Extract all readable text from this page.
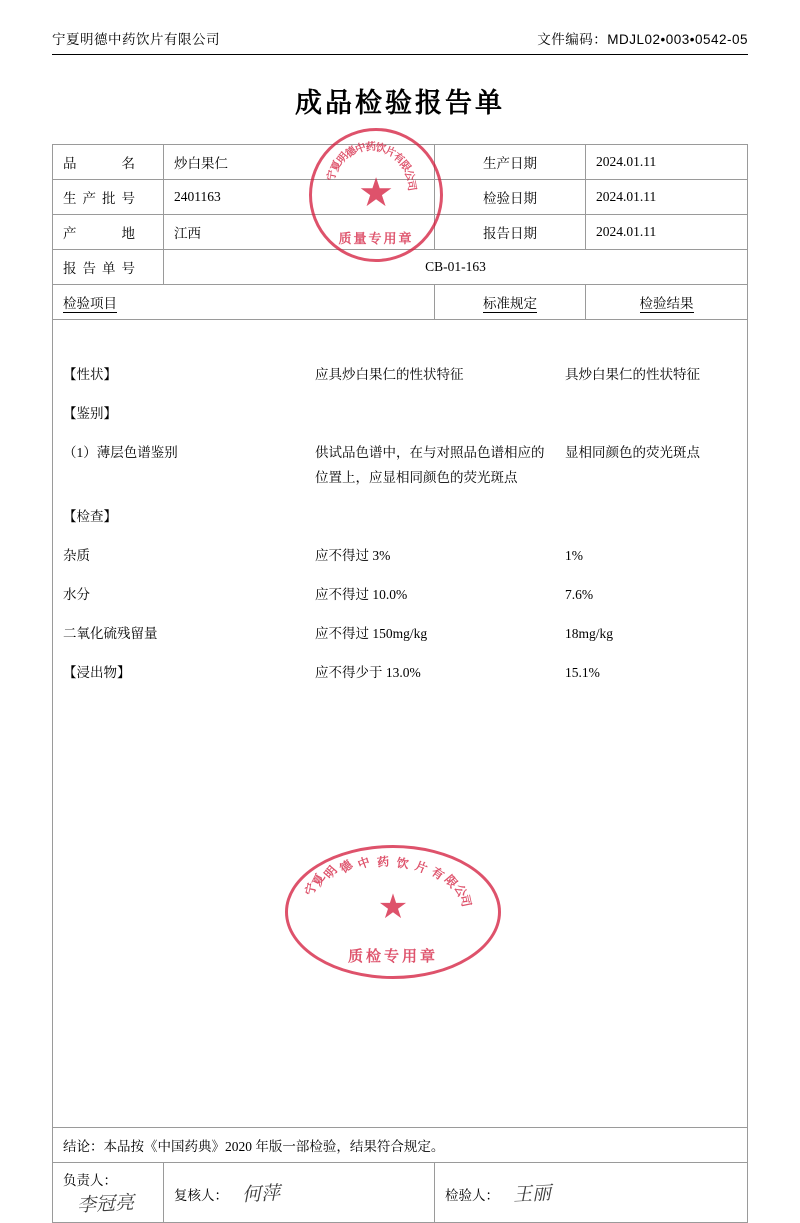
宁夏明德中药饮片有限公司	文件编码：MDJL02•003•0542-05
成品检验报告单
品　　名	炒白果仁	生产日期	2024.01.11
生产批号	2401163	检验日期	2024.01.11
产　　地	江西	报告日期	2024.01.11
报告单号	CB-01-163
检验项目	标准规定	检验结果

【性状】	应具炒白果仁的性状特征	具炒白果仁的性状特征
【鉴别】		
（1）薄层色谱鉴别	供试品色谱中，在与对照品色谱相应的位置上，应显相同颜色的荧光斑点	显相同颜色的荧光斑点
【检查】		
杂质	应不得过 3%	1%
水分	应不得过 10.0%	7.6%
二氧化硫残留量	应不得过 150mg/kg	18mg/kg
【浸出物】	应不得少于 13.0%	15.1%

结论：本品按《中国药典》2020 年版一部检验，结果符合规定。
负责人：李冠亮	复核人： 何萍	检验人： 王丽
宁
夏
明
德
中
药
饮
片
有
限
公
司
★
质量专用章
宁
夏
明
德 中 药 饮 片 有
限
公
司
★
质检专用章
